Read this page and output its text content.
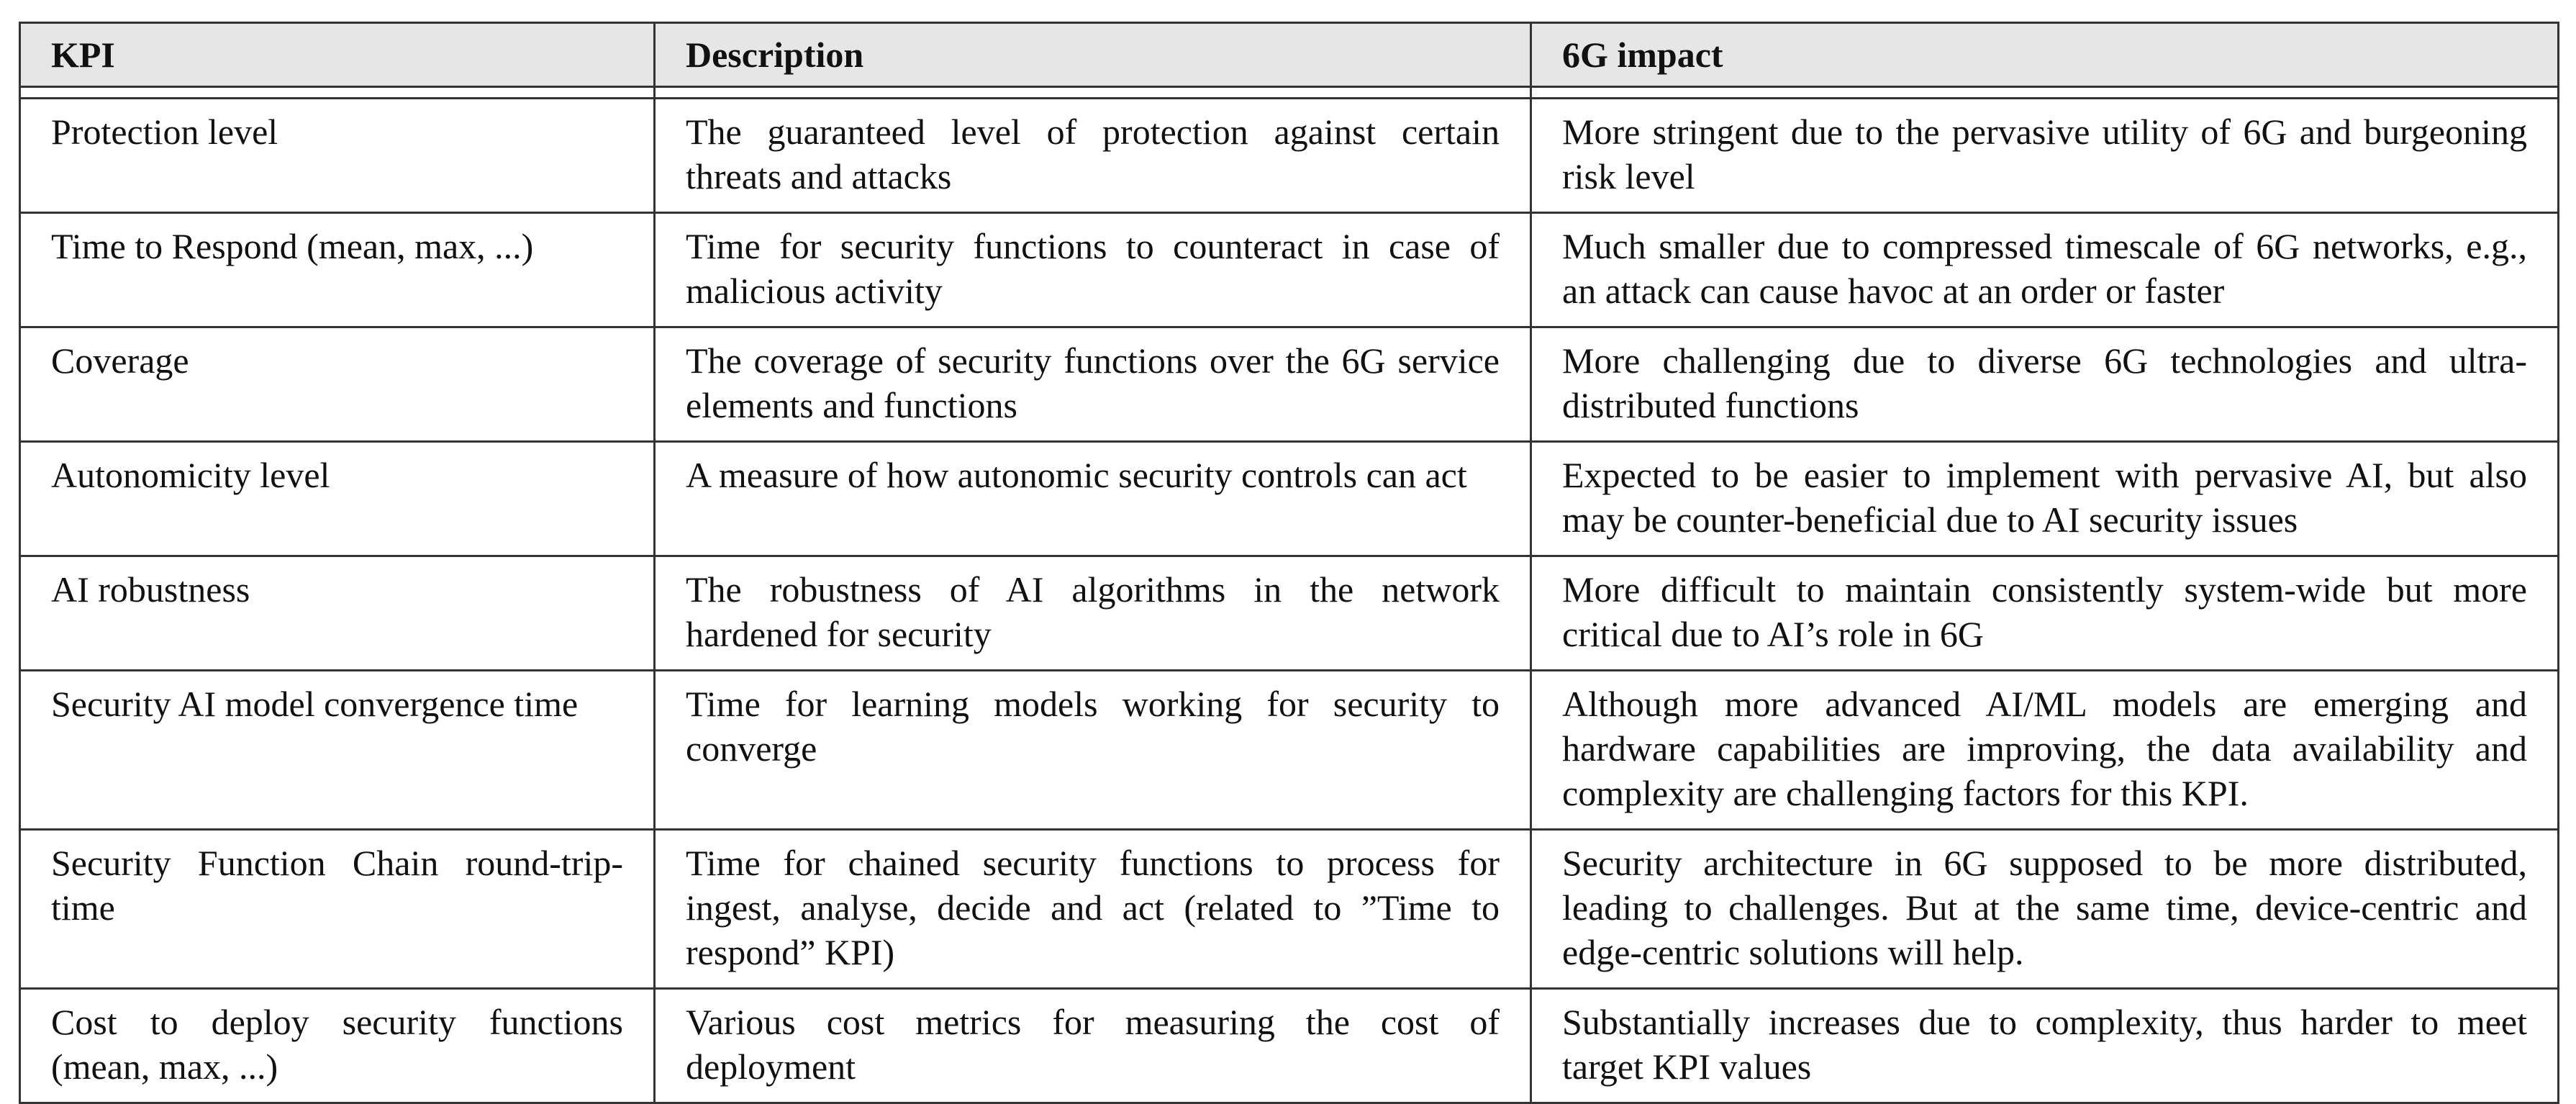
KPI	Description	6G impact

Protection level	The guaranteed level of protection against certain threats and attacks	More stringent due to the pervasive utility of 6G and burgeoning risk level
Time to Respond (mean, max, ...)	Time for security functions to counteract in case of malicious activity	Much smaller due to compressed timescale of 6G networks, e.g., an attack can cause havoc at an order or faster
Coverage	The coverage of security functions over the 6G service elements and functions	More challenging due to diverse 6G technologies and ultra-distributed functions
Autonomicity level	A measure of how autonomic security controls can act	Expected to be easier to implement with pervasive AI, but also may be counter-beneficial due to AI security issues
AI robustness	The robustness of AI algorithms in the network hardened for security	More difficult to maintain consistently system-wide but more critical due to AI’s role in 6G
Security AI model convergence time	Time for learning models working for security to converge	Although more advanced AI/ML models are emerging and hardware capabilities are improving, the data availability and complexity are challenging factors for this KPI.
Security Function Chain round-trip-time	Time for chained security functions to process for ingest, analyse, decide and act (related to ”Time to respond” KPI)	Security architecture in 6G supposed to be more distributed, leading to challenges. But at the same time, device-centric and edge-centric solutions will help.
Cost to deploy security functions (mean, max, ...)	Various cost metrics for measuring the cost of deployment	Substantially increases due to complexity, thus harder to meet target KPI values
